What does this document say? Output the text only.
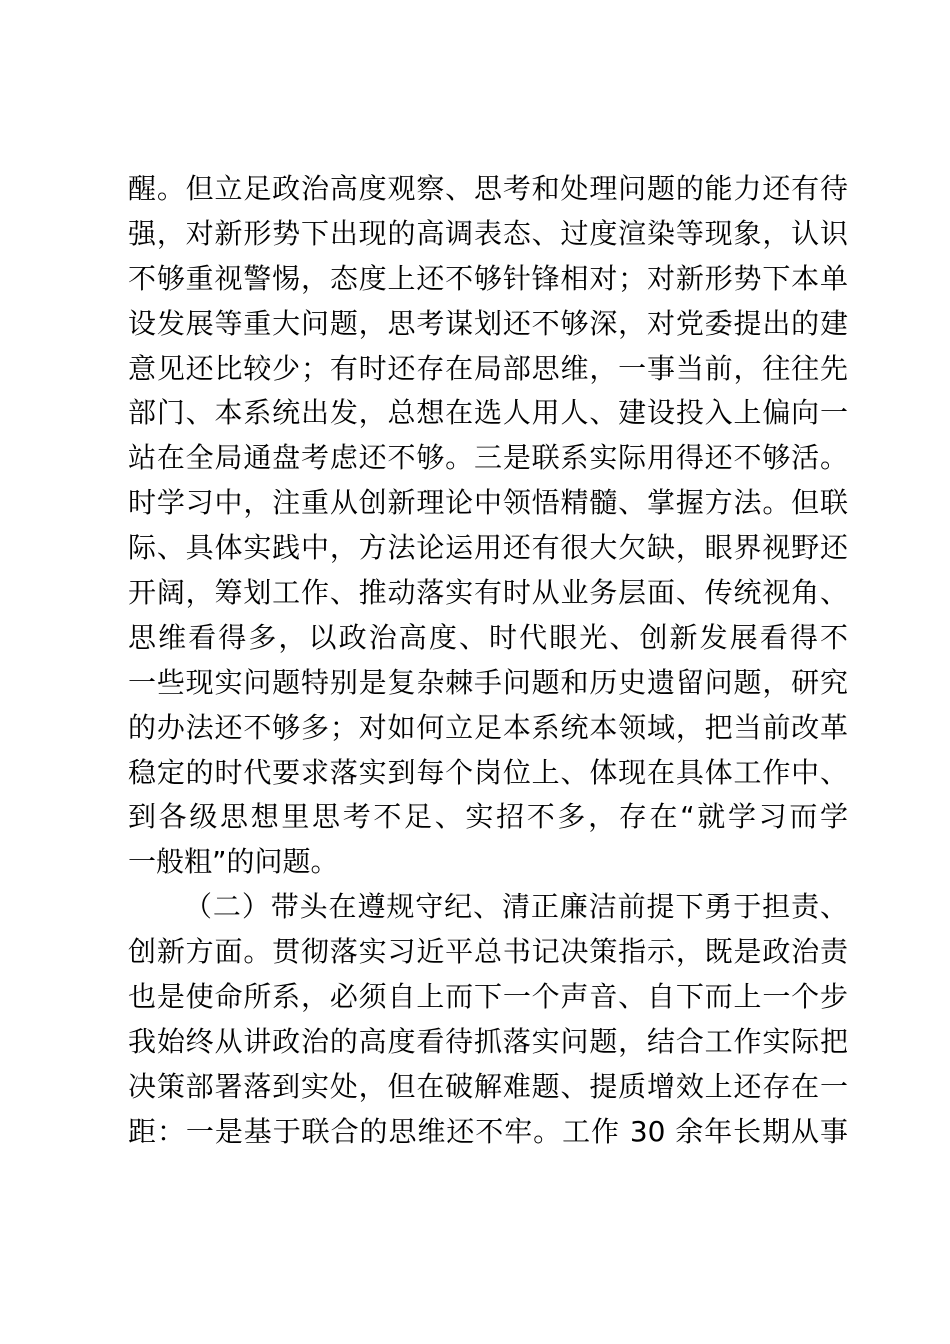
醒。但立足政治高度观察、思考和处理问题的能力还有待
强，对新形势下出现的高调表态、过度渲染等现象，认识
不够重视警惕，态度上还不够针锋相对；对新形势下本单
设发展等重大问题，思考谋划还不够深，对党委提出的建
意见还比较少；有时还存在局部思维，一事当前，往往先
部门、本系统出发，总想在选人用人、建设投入上偏向一
站在全局通盘考虑还不够。三是联系实际用得还不够活。
时学习中，注重从创新理论中领悟精髓、掌握方法。但联
际、具体实践中，方法论运用还有很大欠缺，眼界视野还
开阔，筹划工作、推动落实有时从业务层面、传统视角、
思维看得多，以政治高度、时代眼光、创新发展看得不
一些现实问题特别是复杂棘手问题和历史遗留问题，研究
的办法还不够多；对如何立足本系统本领域，把当前改革
稳定的时代要求落实到每个岗位上、体现在具体工作中、
到各级思想里思考不足、实招不多，存在“就学习而学
一般粗”的问题。
（二）带头在遵规守纪、清正廉洁前提下勇于担责、
创新方面。贯彻落实习近平总书记决策指示，既是政治责
也是使命所系，必须自上而下一个声音、自下而上一个步
我始终从讲政治的高度看待抓落实问题，结合工作实际把
决策部署落到实处，但在破解难题、提质增效上还存在一
距：一是基于联合的思维还不牢。工作 30 余年长期从事
